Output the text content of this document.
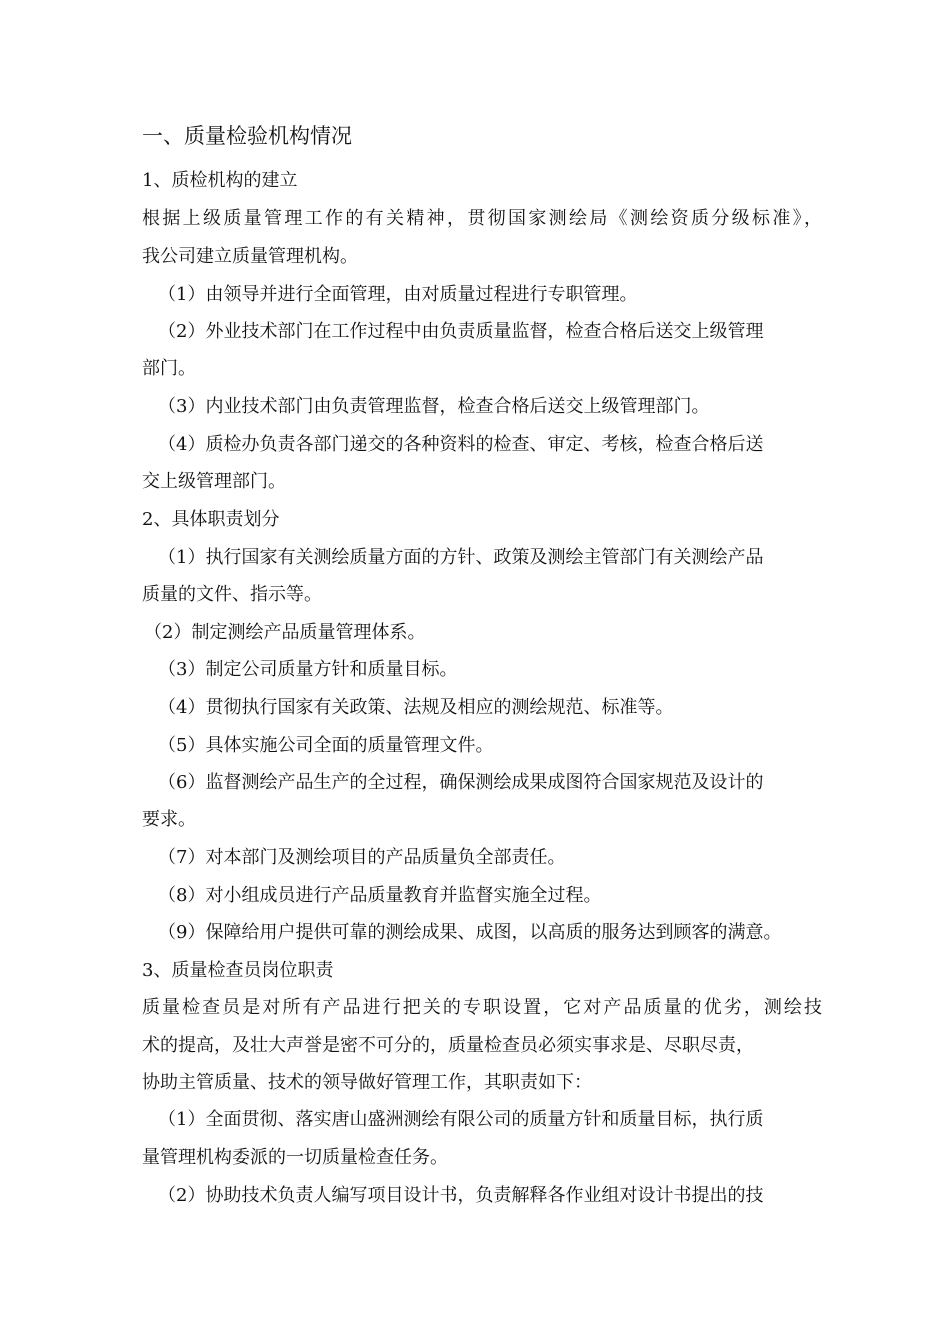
一、质量检验机构情况
1、质检机构的建立
根据上级质量管理工作的有关精神，贯彻国家测绘局《测绘资质分级标准》，
我公司建立质量管理机构。
（1）由领导并进行全面管理，由对质量过程进行专职管理。
（2）外业技术部门在工作过程中由负责质量监督，检查合格后送交上级管理
部门。
（3）内业技术部门由负责管理监督，检查合格后送交上级管理部门。
（4）质检办负责各部门递交的各种资料的检查、审定、考核，检查合格后送
交上级管理部门。
2、具体职责划分
（1）执行国家有关测绘质量方面的方针、政策及测绘主管部门有关测绘产品
质量的文件、指示等。
（2）制定测绘产品质量管理体系。
（3）制定公司质量方针和质量目标。
（4）贯彻执行国家有关政策、法规及相应的测绘规范、标准等。
（5）具体实施公司全面的质量管理文件。
（6）监督测绘产品生产的全过程，确保测绘成果成图符合国家规范及设计的
要求。
（7）对本部门及测绘项目的产品质量负全部责任。
（8）对小组成员进行产品质量教育并监督实施全过程。
（9）保障给用户提供可靠的测绘成果、成图，以高质的服务达到顾客的满意。
3、质量检查员岗位职责
质量检查员是对所有产品进行把关的专职设置，它对产品质量的优劣，测绘技
术的提高，及壮大声誉是密不可分的，质量检查员必须实事求是、尽职尽责，
协助主管质量、技术的领导做好管理工作，其职责如下：
（1）全面贯彻、落实唐山盛洲测绘有限公司的质量方针和质量目标，执行质
量管理机构委派的一切质量检查任务。
（2）协助技术负责人编写项目设计书，负责解释各作业组对设计书提出的技
